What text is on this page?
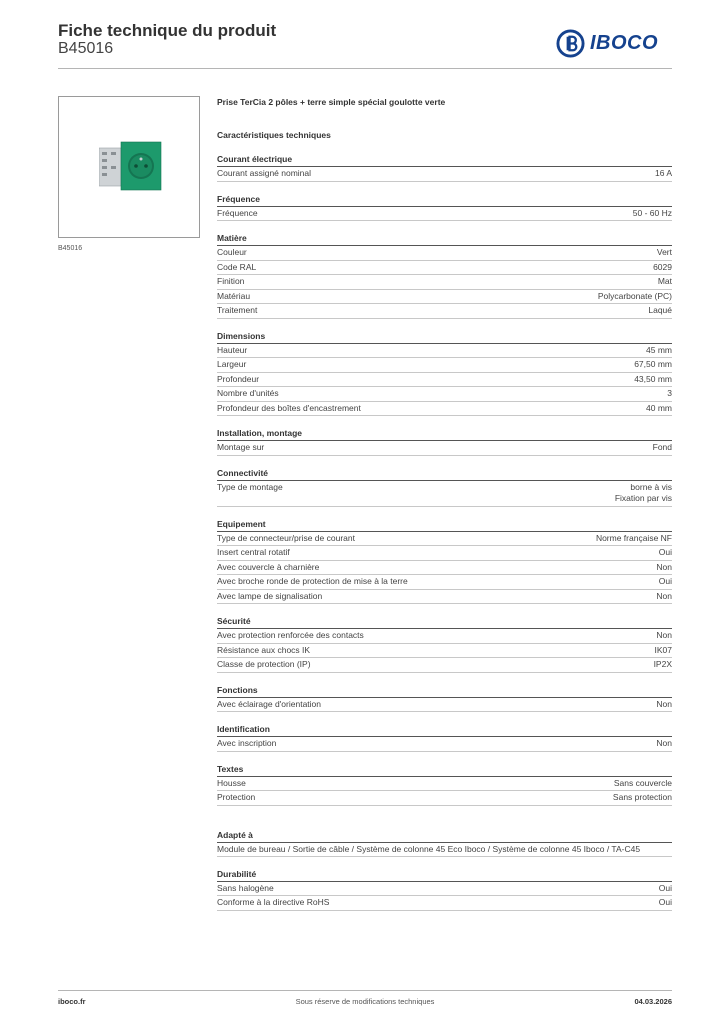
Fiche technique du produit
B45016	IBOCO
B45016
Prise TerCia 2 pôles + terre simple spécial goulotte verte
Caractéristiques techniques
Courant électrique
Courant assigné nominal	16 A
Fréquence
Fréquence	50 - 60 Hz
Matière
Couleur	Vert
Code RAL	6029
Finition	Mat
Matériau	Polycarbonate (PC)
Traitement	Laqué
Dimensions
Hauteur	45 mm
Largeur	67,50 mm
Profondeur	43,50 mm
Nombre d'unités	3
Profondeur des boîtes d'encastrement	40 mm
Installation, montage
Montage sur	Fond
Connectivité
Type de montage	borne à vis
Fixation par vis
Equipement
Type de connecteur/prise de courant	Norme française NF
Insert central rotatif	Oui
Avec couvercle à charnière	Non
Avec broche ronde de protection de mise à la terre	Oui
Avec lampe de signalisation	Non
Sécurité
Avec protection renforcée des contacts	Non
Résistance aux chocs IK	IK07
Classe de protection (IP)	IP2X
Fonctions
Avec éclairage d'orientation	Non
Identification
Avec inscription	Non
Textes
Housse	Sans couvercle
Protection	Sans protection
Adapté à
Module de bureau / Sortie de câble / Système de colonne 45 Eco Iboco / Système de colonne 45 Iboco / TA-C45
Durabilité
Sans halogène	Oui
Conforme à la directive RoHS	Oui
Sous réserve de modifications techniques
iboco.fr	04.03.2026
